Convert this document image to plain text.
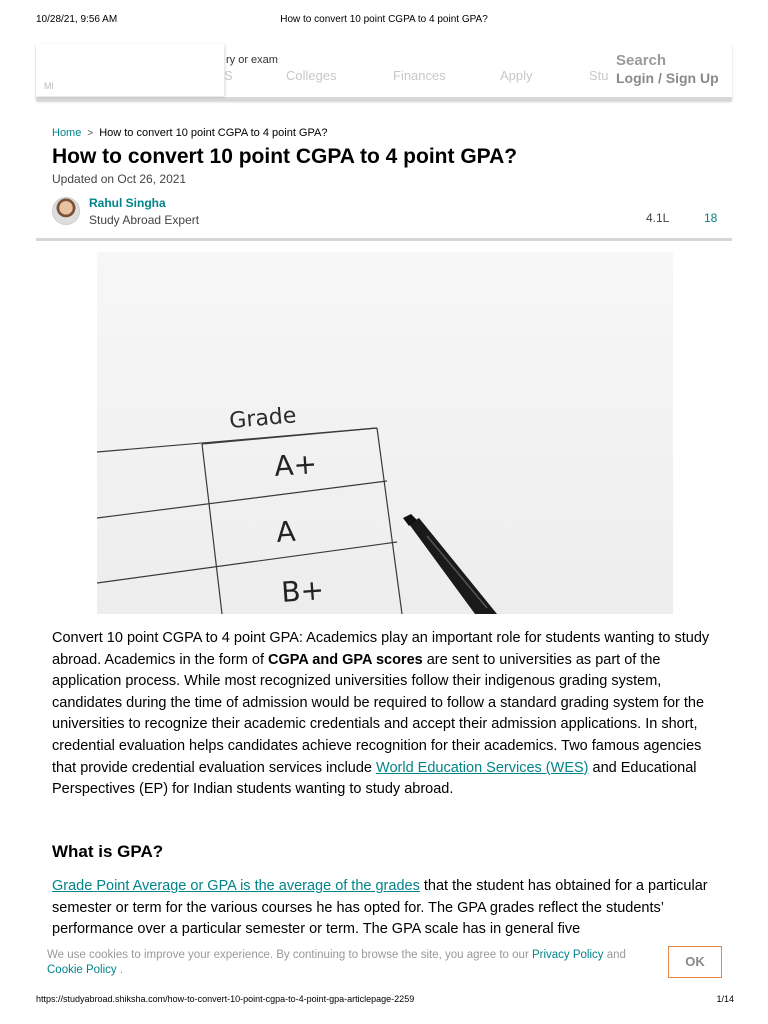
10/28/21, 9:56 AM	How to convert 10 point CGPA to 4 point GPA?
S	Colleges	Finances	Apply	Stu
Ml
ry or exam	Search
Login / Sign Up
Home > How to convert 10 point CGPA to 4 point GPA?
How to convert 10 point CGPA to 4 point GPA?
Updated on Oct 26, 2021
Rahul Singha
Study Abroad Expert	4.1L	18
Grade
A+
A
B+

Convert 10 point CGPA to 4 point GPA: Academics play an important role for students wanting to study abroad. Academics in the form of CGPA and GPA scores are sent to universities as part of the application process. While most recognized universities follow their indigenous grading system, candidates during the time of admission would be required to follow a standard grading system for the universities to recognize their academic credentials and accept their admission applications. In short, credential evaluation helps candidates achieve recognition for their academics. Two famous agencies that provide credential evaluation services include World Education Services (WES) and Educational Perspectives (EP) for Indian students wanting to study abroad.

What is GPA?

Grade Point Average or GPA is the average of the grades that the student has obtained for a particular semester or term for the various courses he has opted for. The GPA grades reflect the students’ performance over a particular semester or term. The GPA scale has in general five

We use cookies to improve your experience. By continuing to browse the site, you agree to our Privacy Policy and Cookie Policy .
OK
https://studyabroad.shiksha.com/how-to-convert-10-point-cgpa-to-4-point-gpa-articlepage-2259	1/14
